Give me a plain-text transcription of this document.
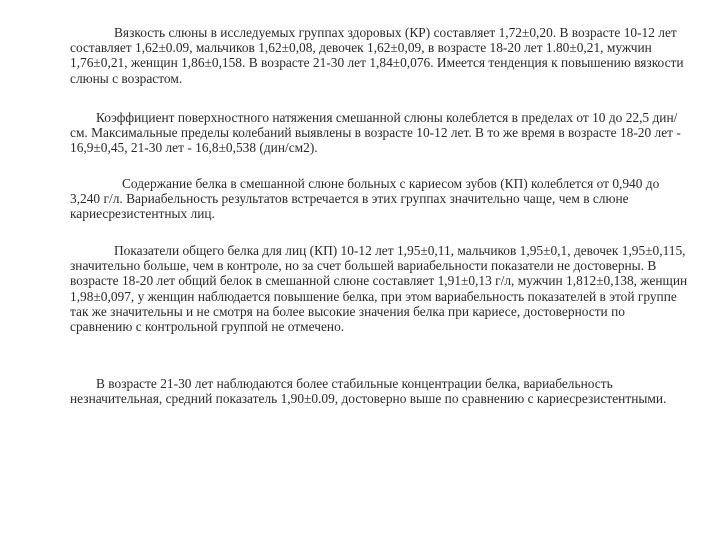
Вязкость слюны в исследуемых группах здоровых (КР) составляет 1,72±0,20. В возрасте 10-12 лет составляет 1,62±0.09, мальчиков 1,62±0,08, девочек 1,62±0,09, в возрасте 18-20 лет 1.80±0,21, мужчин 1,76±0,21, женщин 1,86±0,158. В возрасте 21-30 лет 1,84±0,076. Имеется тенденция к повышению вязкости слюны с возрастом.

Коэффициент поверхностного натяжения смешанной слюны колеблется в пределах от 10 до 22,5 дин/см. Максимальные пределы колебаний выявлены в возрасте 10-12 лет. В то же время в возрасте 18-20 лет - 16,9±0,45, 21-30 лет - 16,8±0,538 (дин/см2).

Содержание белка в смешанной слюне больных с кариесом зубов (КП) колеблется от 0,940 до 3,240 г/л. Вариабельность результатов встречается в этих группах значительно чаще, чем в слюне кариесрезистентных лиц.

Показатели общего белка для лиц (КП) 10-12 лет 1,95±0,11, мальчиков 1,95±0,1, девочек 1,95±0,115, значительно больше, чем в контроле, но за счет большей вариабельности показатели не достоверны. В возрасте 18-20 лет общий белок в смешанной слюне составляет 1,91±0,13 г/л, мужчин 1,812±0,138, женщин 1,98±0,097, у женщин наблюдается повышение белка, при этом вариабельность показателей в этой группе так же значительны и не смотря на более высокие значения белка при кариесе, достоверности по сравнению с контрольной группой не отмечено.

В возрасте 21-30 лет наблюдаются более стабильные концентрации белка, вариабельность незначительная, средний показатель 1,90±0.09, достоверно выше по сравнению с кариесрезистентными.
